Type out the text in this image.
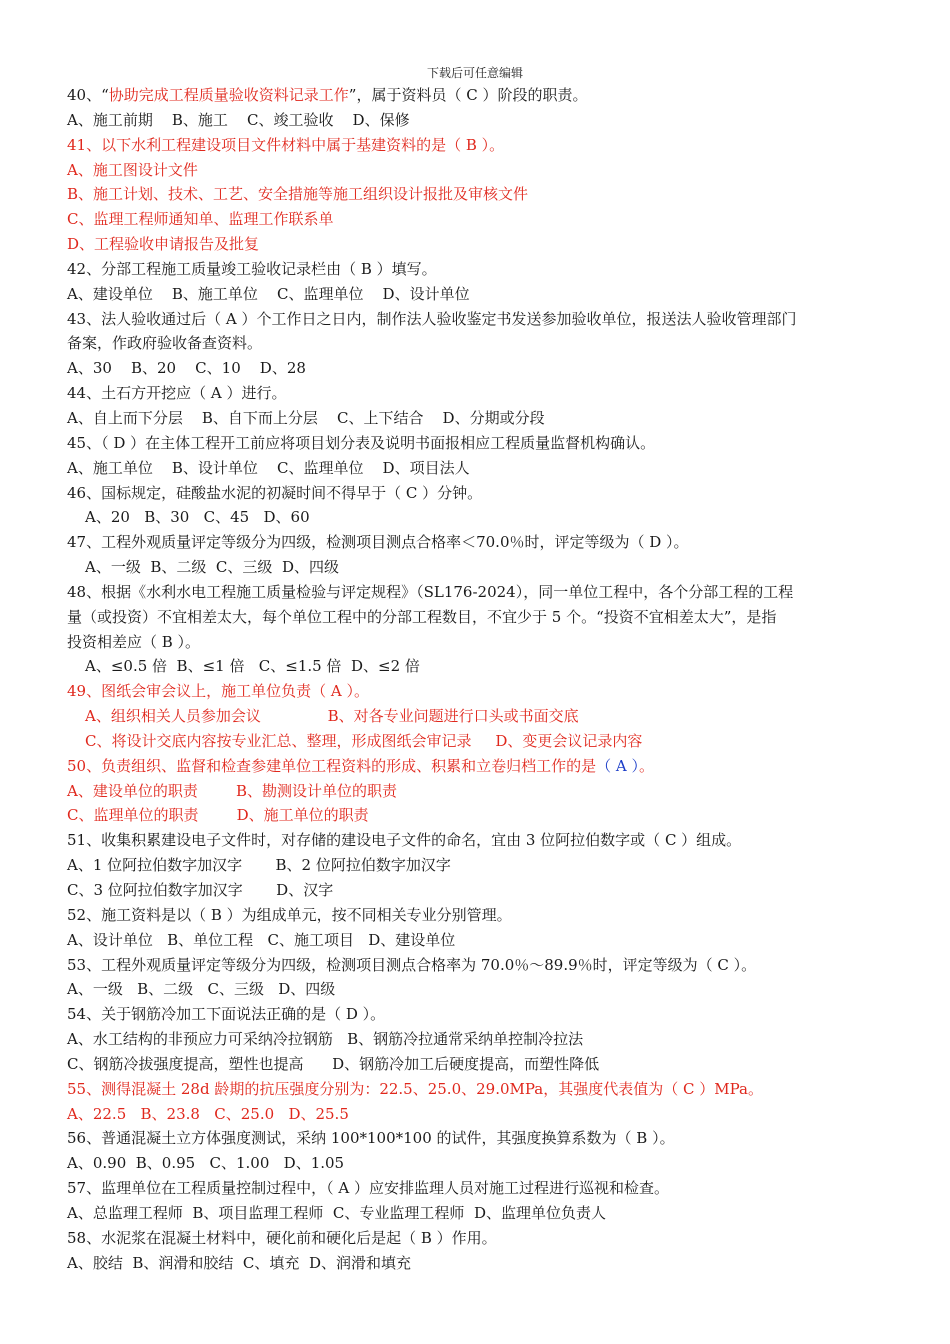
下载后可任意编辑
40、“协助完成工程质量验收资料记录工作”，属于资料员（ C ）阶段的职责。
A、施工前期    B、施工    C、竣工验收    D、保修
41、以下水利工程建设项目文件材料中属于基建资料的是（ B ）。
A、施工图设计文件
B、施工计划、技术、工艺、安全措施等施工组织设计报批及审核文件
C、监理工程师通知单、监理工作联系单
D、工程验收申请报告及批复
42、分部工程施工质量竣工验收记录栏由（ B ）填写。
A、建设单位    B、施工单位    C、监理单位    D、设计单位
43、法人验收通过后（ A ）个工作日之日内，制作法人验收鉴定书发送参加验收单位，报送法人验收管理部门
备案，作政府验收备查资料。
A、30    B、20    C、10    D、28
44、土石方开挖应（ A ）进行。
A、自上而下分层    B、自下而上分层    C、上下结合    D、分期或分段
45、（ D ）在主体工程开工前应将项目划分表及说明书面报相应工程质量监督机构确认。
A、施工单位    B、设计单位    C、监理单位    D、项目法人
46、国标规定，硅酸盐水泥的初凝时间不得早于（ C ）分钟。
A、20   B、30   C、45   D、60
47、工程外观质量评定等级分为四级，检测项目测点合格率＜70.0％时，评定等级为（ D ）。
A、一级  B、二级  C、三级  D、四级
48、根据《水利水电工程施工质量检验与评定规程》（SL176-2024），同一单位工程中，各个分部工程的工程
量（或投资）不宜相差太大，每个单位工程中的分部工程数目，不宜少于 5 个。“投资不宜相差太大”，是指
投资相差应（ B ）。
A、≤0.5 倍  B、≤1 倍   C、≤1.5 倍  D、≤2 倍
49、图纸会审会议上，施工单位负责（ A ）。
A、组织相关人员参加会议              B、对各专业问题进行口头或书面交底
C、将设计交底内容按专业汇总、整理，形成图纸会审记录     D、变更会议记录内容
50、负责组织、监督和检查参建单位工程资料的形成、积累和立卷归档工作的是（ A ）。
A、建设单位的职责        B、勘测设计单位的职责
C、监理单位的职责        D、施工单位的职责
51、收集积累建设电子文件时，对存储的建设电子文件的命名，宜由 3 位阿拉伯数字或（ C ）组成。
A、1 位阿拉伯数字加汉字       B、2 位阿拉伯数字加汉字
C、3 位阿拉伯数字加汉字       D、汉字
52、施工资料是以（ B ）为组成单元，按不同相关专业分别管理。
A、设计单位   B、单位工程   C、施工项目   D、建设单位
53、工程外观质量评定等级分为四级，检测项目测点合格率为 70.0％～89.9％时，评定等级为（ C ）。
A、一级   B、二级   C、三级   D、四级
54、关于钢筋冷加工下面说法正确的是（ D ）。
A、水工结构的非预应力可采纳冷拉钢筋   B、钢筋冷拉通常采纳单控制冷拉法
C、钢筋冷拔强度提高，塑性也提高      D、钢筋冷加工后硬度提高，而塑性降低
55、测得混凝土 28d 龄期的抗压强度分别为：22.5、25.0、29.0MPa，其强度代表值为（ C ）MPa。
A、22.5   B、23.8   C、25.0   D、25.5
56、普通混凝土立方体强度测试，采纳 100*100*100 的试件，其强度换算系数为（ B ）。
A、0.90  B、0.95   C、1.00   D、1.05
57、监理单位在工程质量控制过程中，（ A ）应安排监理人员对施工过程进行巡视和检查。
A、总监理工程师  B、项目监理工程师  C、专业监理工程师  D、监理单位负责人
58、水泥浆在混凝土材料中，硬化前和硬化后是起（ B ）作用。
A、胶结  B、润滑和胶结  C、填充  D、润滑和填充
